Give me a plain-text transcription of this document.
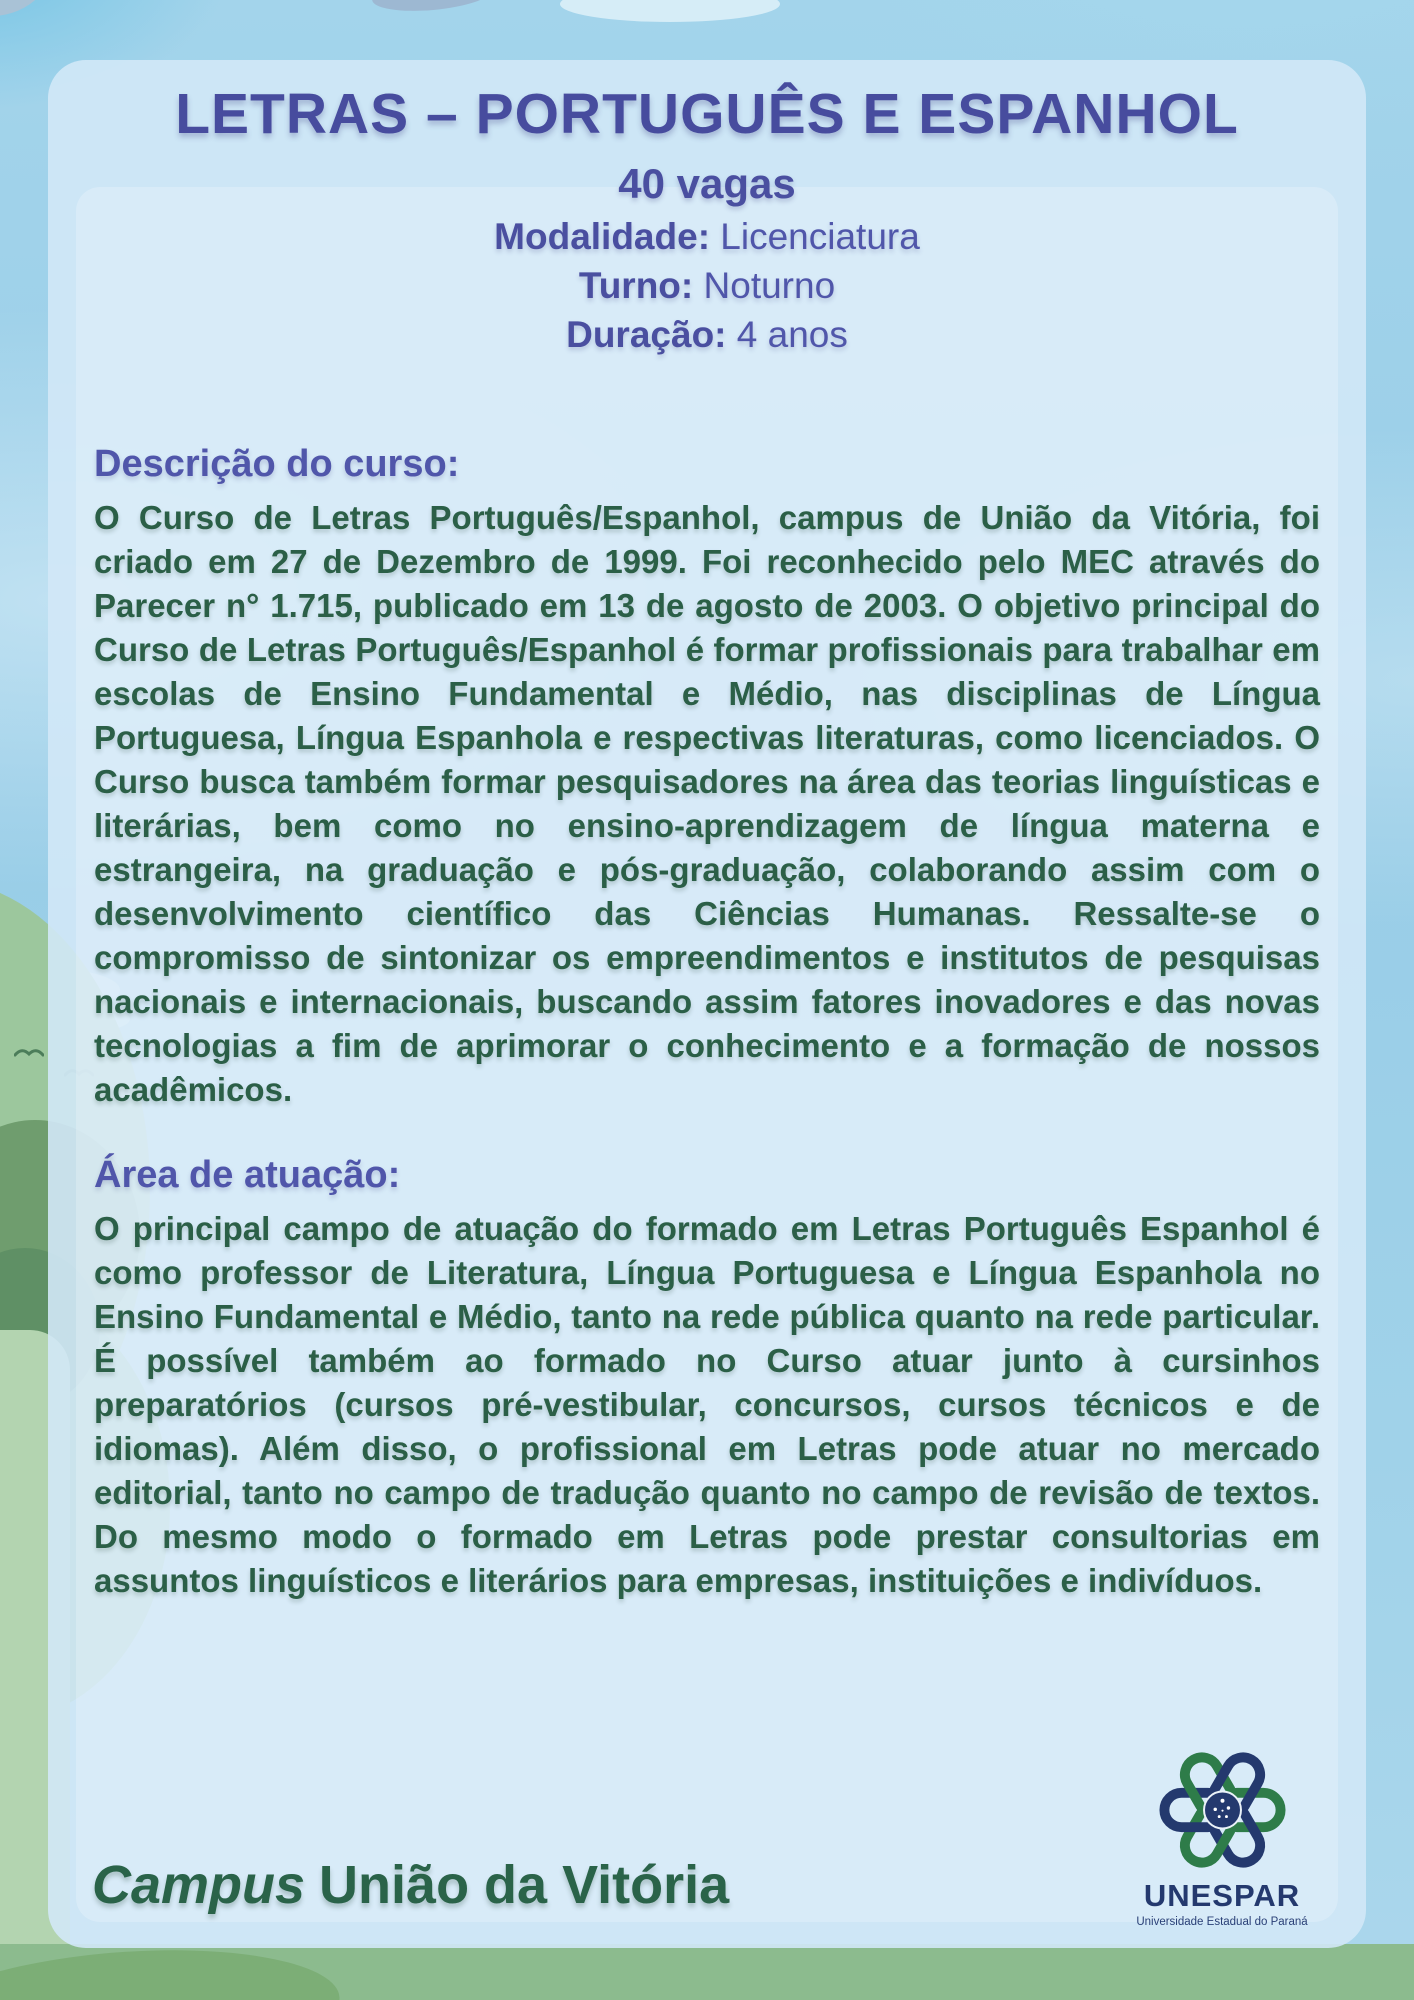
LETRAS – PORTUGUÊS E ESPANHOL
40 vagas
Modalidade: Licenciatura
Turno: Noturno
Duração: 4 anos
Descrição do curso:

O Curso de Letras Português/Espanhol, campus de União da Vitória, foi criado em 27 de Dezembro de 1999. Foi reconhecido pelo MEC através do Parecer n° 1.715, publicado em 13 de agosto de 2003. O objetivo principal do Curso de Letras Português/Espanhol é formar profissionais para trabalhar em escolas de Ensino Fundamental e Médio, nas disciplinas de Língua Portuguesa, Língua Espanhola e respectivas literaturas, como licenciados. O Curso busca também formar pesquisadores na área das teorias linguísticas e literárias, bem como no ensino-aprendizagem de língua materna e estrangeira, na graduação e pós-graduação, colaborando assim com o desenvolvimento científico das Ciências Humanas. Ressalte-se o compromisso de sintonizar os empreendimentos e institutos de pesquisas nacionais e internacionais, buscando assim fatores inovadores e das novas tecnologias a fim de aprimorar o conhecimento e a formação de nossos acadêmicos.

Área de atuação:

O principal campo de atuação do formado em Letras Português Espanhol é como professor de Literatura, Língua Portuguesa e Língua Espanhola no Ensino Fundamental e Médio, tanto na rede pública quanto na rede particular. É possível também ao formado no Curso atuar junto à cursinhos preparatórios (cursos pré-vestibular, concursos, cursos técnicos e de idiomas). Além disso, o profissional em Letras pode atuar no mercado editorial, tanto no campo de tradução quanto no campo de revisão de textos. Do mesmo modo o formado em Letras pode prestar consultorias em assuntos linguísticos e literários para empresas, instituições e indivíduos.

Campus União da Vitória	UNESPAR
Universidade Estadual do Paraná
